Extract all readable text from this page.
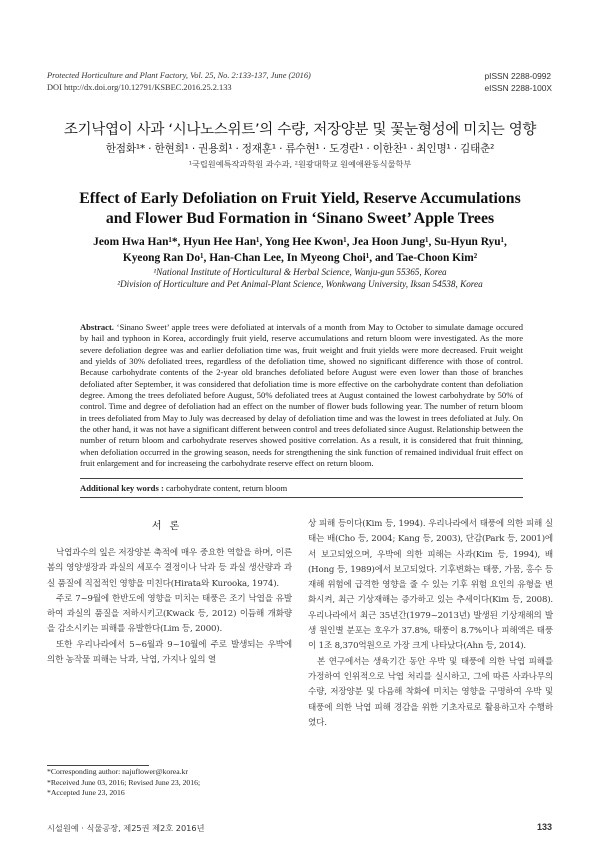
Protected Horticulture and Plant Factory, Vol. 25, No. 2:133-137, June (2016)
DOI http://dx.doi.org/10.12791/KSBEC.2016.25.2.133
pISSN 2288-0992
eISSN 2288-100X
조기낙엽이 사과 ‘시나노스위트’의 수량, 저장양분 및 꽃눈형성에 미치는 영향
한점화¹* · 한현희¹ · 권용희¹ · 정재훈¹ · 류수현¹ · 도경란¹ · 이한찬¹ · 최인명¹ · 김태춘²
¹국립원예특작과학원 과수과, ²원광대학교 원예애완동식물학부
Effect of Early Defoliation on Fruit Yield, Reserve Accumulations
and Flower Bud Formation in ‘Sinano Sweet’ Apple Trees
Jeom Hwa Han¹*, Hyun Hee Han¹, Yong Hee Kwon¹, Jea Hoon Jung¹, Su-Hyun Ryu¹,
Kyeong Ran Do¹, Han-Chan Lee, In Myeong Choi¹, and Tae-Choon Kim²
¹National Institute of Horticultural & Herbal Science, Wanju-gun 55365, Korea
²Division of Horticulture and Pet Animal-Plant Science, Wonkwang University, Iksan 54538, Korea
Abstract. ‘Sinano Sweet’ apple trees were defoliated at intervals of a month from May to October to simulate damage occured by hail and typhoon in Korea, accordingly fruit yield, reserve accumulations and return bloom were investigated. As the more severe defoliation degree was and earlier defoliation time was, fruit weight and fruit yields were more decreased. Fruit weight and yields of 30% defoliated trees, regardless of the defoliation time, showed no significant difference with those of control. Because carbohydrate contents of the 2-year old branches defoliated before August were even lower than those of branches defoliated after September, it was considered that defoliation time is more effective on the carbohydrate content than defoliation degree. Among the trees defoliated before August, 50% defoliated trees at August contained the lowest carbohydrate by 50% of control. Time and degree of defoliation had an effect on the number of flower buds following year. The number of return bloom in trees defoliated from May to July was decreased by delay of defoliation time and was the lowest in trees defoliated at July. On the other hand, it was not have a significant different between control and trees defoliated since August. Relationship between the number of return bloom and carbohydrate reserves showed positive correlation. As a result, it is considered that fruit thinning, when defoliation occurred in the growing season, needs for strengthening the sink function of remained individual fruit effect on fruit enlargement and for increaseing the carbohydrate reserve effect on return bloom.
Additional key words : carbohydrate content, return bloom
서론

낙엽과수의 잎은 저장양분 축적에 매우 중요한 역할을 하며, 이른봄의 영양생장과 과실의 세포수 결정이나 낙과 등 과실 생산량과 과실 품질에 직접적인 영향을 미친다(Hirata와 Kurooka, 1974).

주로 7~9월에 한반도에 영향을 미치는 태풍은 조기 낙엽을 유발하여 과실의 품질을 저하시키고(Kwack 등, 2012) 이듬해 개화량을 감소시키는 피해를 유발한다(Lim 등, 2000).

또한 우리나라에서 5~6월과 9~10월에 주로 발생되는 우박에 의한 농작물 피해는 낙과, 낙엽, 가지나 잎의 열

상 피해 등이다(Kim 등, 1994). 우리나라에서 태풍에 의한 피해 실태는 배(Cho 등, 2004; Kang 등, 2003), 단감(Park 등, 2001)에서 보고되었으며, 우박에 의한 피해는 사과(Kim 등, 1994), 배(Hong 등, 1989)에서 보고되었다. 기후변화는 태풍, 가뭄, 홍수 등 재해 위험에 급격한 영향을 줄 수 있는 기후 위험 요인의 유형을 변화시켜, 최근 기상재해는 증가하고 있는 추세이다(Kim 등, 2008). 우리나라에서 최근 35년간(1979~2013년) 발생된 기상재해의 발생 원인별 분포는 호우가 37.8%, 태풍이 8.7%이나 피해액은 태풍이 1조 8,370억원으로 가장 크게 나타났다(Ahn 등, 2014).

본 연구에서는 생육기간 동안 우박 및 태풍에 의한 낙엽 피해를 가정하여 인위적으로 낙엽 처리를 실시하고, 그에 따른 사과나무의 수량, 저장양분 및 다음해 착화에 미치는 영향을 구명하여 우박 및 태풍에 의한 낙엽 피해 경감을 위한 기초자료로 활용하고자 수행하였다.

*Corresponding author: najuflower@korea.kr
*Received June 03, 2016; Revised June 23, 2016;
*Accepted June 23, 2016
시설원예 · 식물공장, 제25권 제2호 2016년	133
